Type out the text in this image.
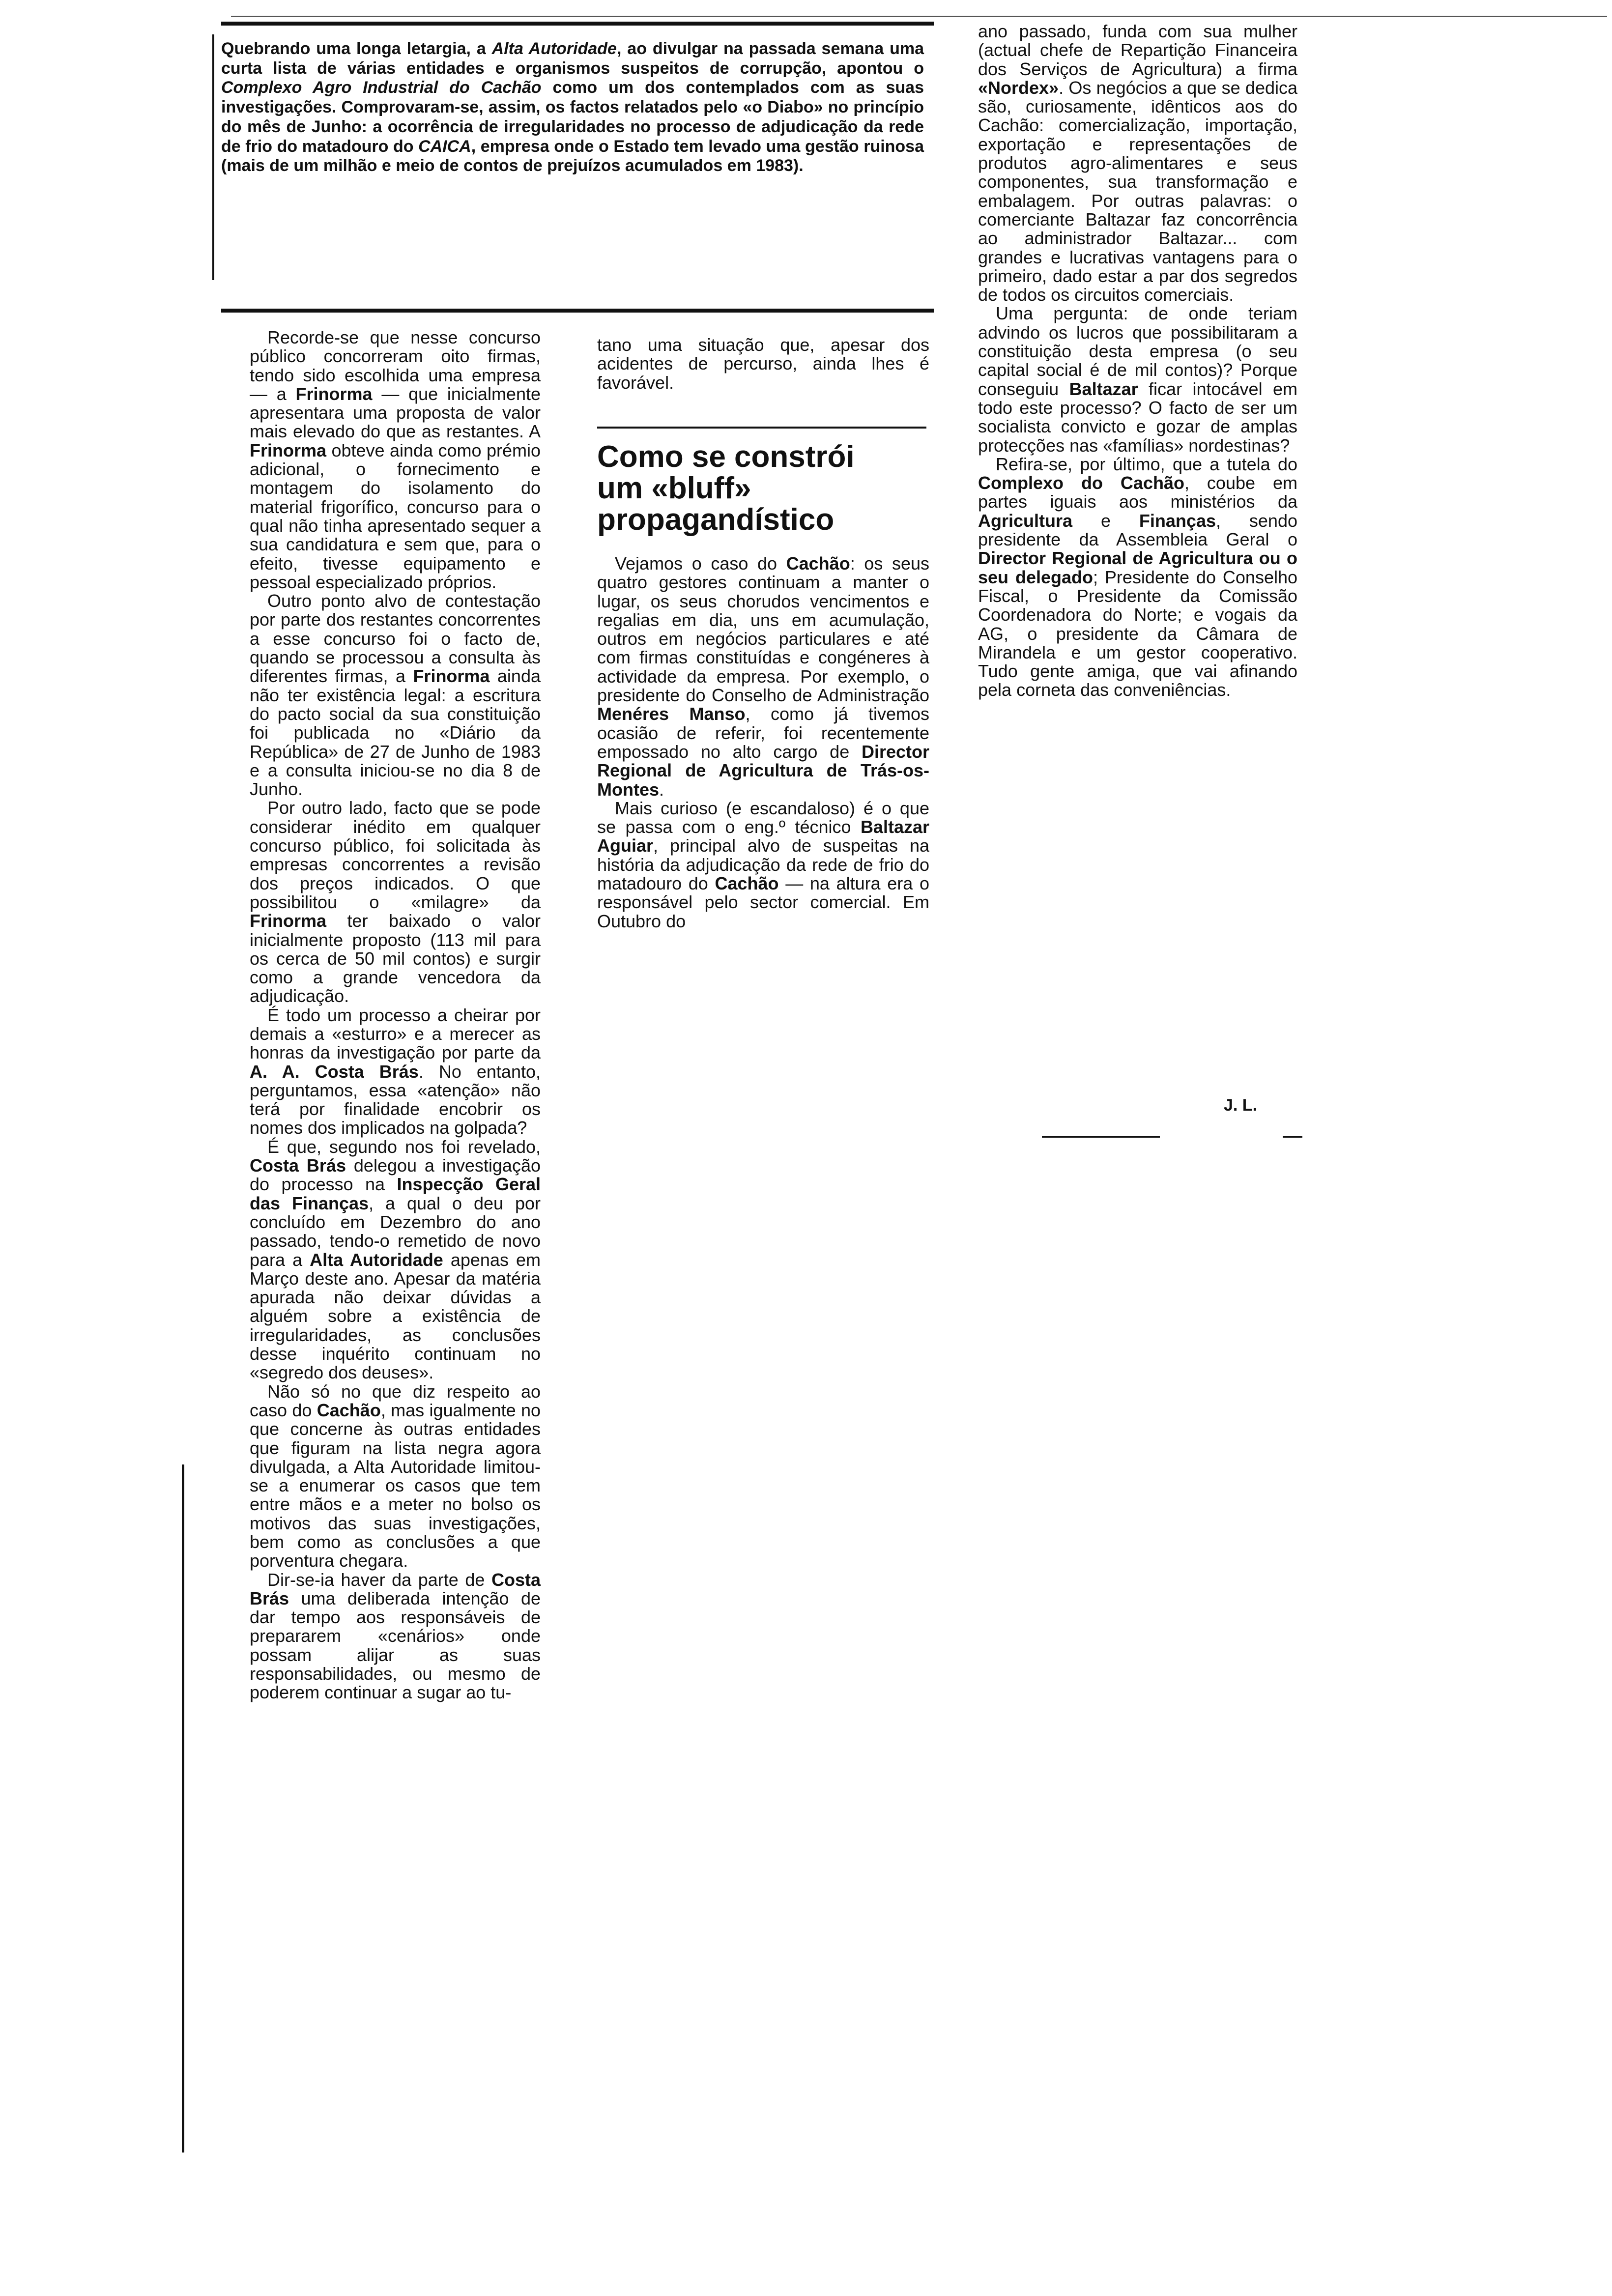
Quebrando uma longa letargia, a Alta Autoridade, ao divulgar na passada semana uma curta lista de várias entidades e organismos suspeitos de corrupção, apontou o Complexo Agro Industrial do Cachão como um dos contemplados com as suas investigações. Comprovaram-se, assim, os factos relatados pelo «o Diabo» no princípio do mês de Junho: a ocorrência de irregularidades no processo de adjudicação da rede de frio do matadouro do CAICA, empresa onde o Estado tem levado uma gestão ruinosa (mais de um milhão e meio de contos de prejuízos acumulados em 1983).

Recorde-se que nesse concurso público concorreram oito firmas, tendo sido escolhida uma empresa — a Frinorma — que inicialmente apresentara uma proposta de valor mais elevado do que as restantes. A Frinorma obteve ainda como prémio adicional, o fornecimento e montagem do isolamento do material frigorífico, concurso para o qual não tinha apresentado sequer a sua candidatura e sem que, para o efeito, tivesse equipamento e pessoal especializado próprios.

Outro ponto alvo de contestação por parte dos restantes concorrentes a esse concurso foi o facto de, quando se processou a consulta às diferentes firmas, a Frinorma ainda não ter existência legal: a escritura do pacto social da sua constituição foi publicada no «Diário da República» de 27 de Junho de 1983 e a consulta iniciou-se no dia 8 de Junho.

Por outro lado, facto que se pode considerar inédito em qualquer concurso público, foi solicitada às empresas concorrentes a revisão dos preços indicados. O que possibilitou o «milagre» da Frinorma ter baixado o valor inicialmente proposto (113 mil para os cerca de 50 mil contos) e surgir como a grande vencedora da adjudicação.

É todo um processo a cheirar por demais a «esturro» e a merecer as honras da investigação por parte da A. A. Costa Brás. No entanto, perguntamos, essa «atenção» não terá por finalidade encobrir os nomes dos implicados na golpada?

É que, segundo nos foi revelado, Costa Brás delegou a investigação do processo na Inspecção Geral das Finanças, a qual o deu por concluído em Dezembro do ano passado, tendo-o remetido de novo para a Alta Autoridade apenas em Março deste ano. Apesar da matéria apurada não deixar dúvidas a alguém sobre a existência de irregularidades, as conclusões desse inquérito continuam no «segredo dos deuses».

Não só no que diz respeito ao caso do Cachão, mas igualmente no que concerne às outras entidades que figuram na lista negra agora divulgada, a Alta Autoridade limitou-se a enumerar os casos que tem entre mãos e a meter no bolso os motivos das suas investigações, bem como as conclusões a que porventura chegara.

Dir-se-ia haver da parte de Costa Brás uma deliberada intenção de dar tempo aos responsáveis de prepararem «cenários» onde possam alijar as suas responsabilidades, ou mesmo de poderem continuar a sugar ao tu-

tano uma situação que, apesar dos acidentes de percurso, ainda lhes é favorável.

Como se constrói um «bluff» propagandístico

Vejamos o caso do Cachão: os seus quatro gestores continuam a manter o lugar, os seus chorudos vencimentos e regalias em dia, uns em acumulação, outros em negócios particulares e até com firmas constituídas e congéneres à actividade da empresa. Por exemplo, o presidente do Conselho de Administração Menéres Manso, como já tivemos ocasião de referir, foi recentemente empossado no alto cargo de Director Regional de Agricultura de Trás-os-Montes.

Mais curioso (e escandaloso) é o que se passa com o eng.º técnico Baltazar Aguiar, principal alvo de suspeitas na história da adjudicação da rede de frio do matadouro do Cachão — na altura era o responsável pelo sector comercial. Em Outubro do

ano passado, funda com sua mulher (actual chefe de Repartição Financeira dos Serviços de Agricultura) a firma «Nordex». Os negócios a que se dedica são, curiosamente, idênticos aos do Cachão: comercialização, importação, exportação e representações de produtos agro-alimentares e seus componentes, sua transformação e embalagem. Por outras palavras: o comerciante Baltazar faz concorrência ao administrador Baltazar... com grandes e lucrativas vantagens para o primeiro, dado estar a par dos segredos de todos os circuitos comerciais.

Uma pergunta: de onde teriam advindo os lucros que possibilitaram a constituição desta empresa (o seu capital social é de mil contos)? Porque conseguiu Baltazar ficar intocável em todo este processo? O facto de ser um socialista convicto e gozar de amplas protecções nas «famílias» nordestinas?

Refira-se, por último, que a tutela do Complexo do Cachão, coube em partes iguais aos ministérios da Agricultura e Finanças, sendo presidente da Assembleia Geral o Director Regional de Agricultura ou o seu delegado; Presidente do Conselho Fiscal, o Presidente da Comissão Coordenadora do Norte; e vogais da AG, o presidente da Câmara de Mirandela e um gestor cooperativo. Tudo gente amiga, que vai afinando pela corneta das conveniências.

J. L.
